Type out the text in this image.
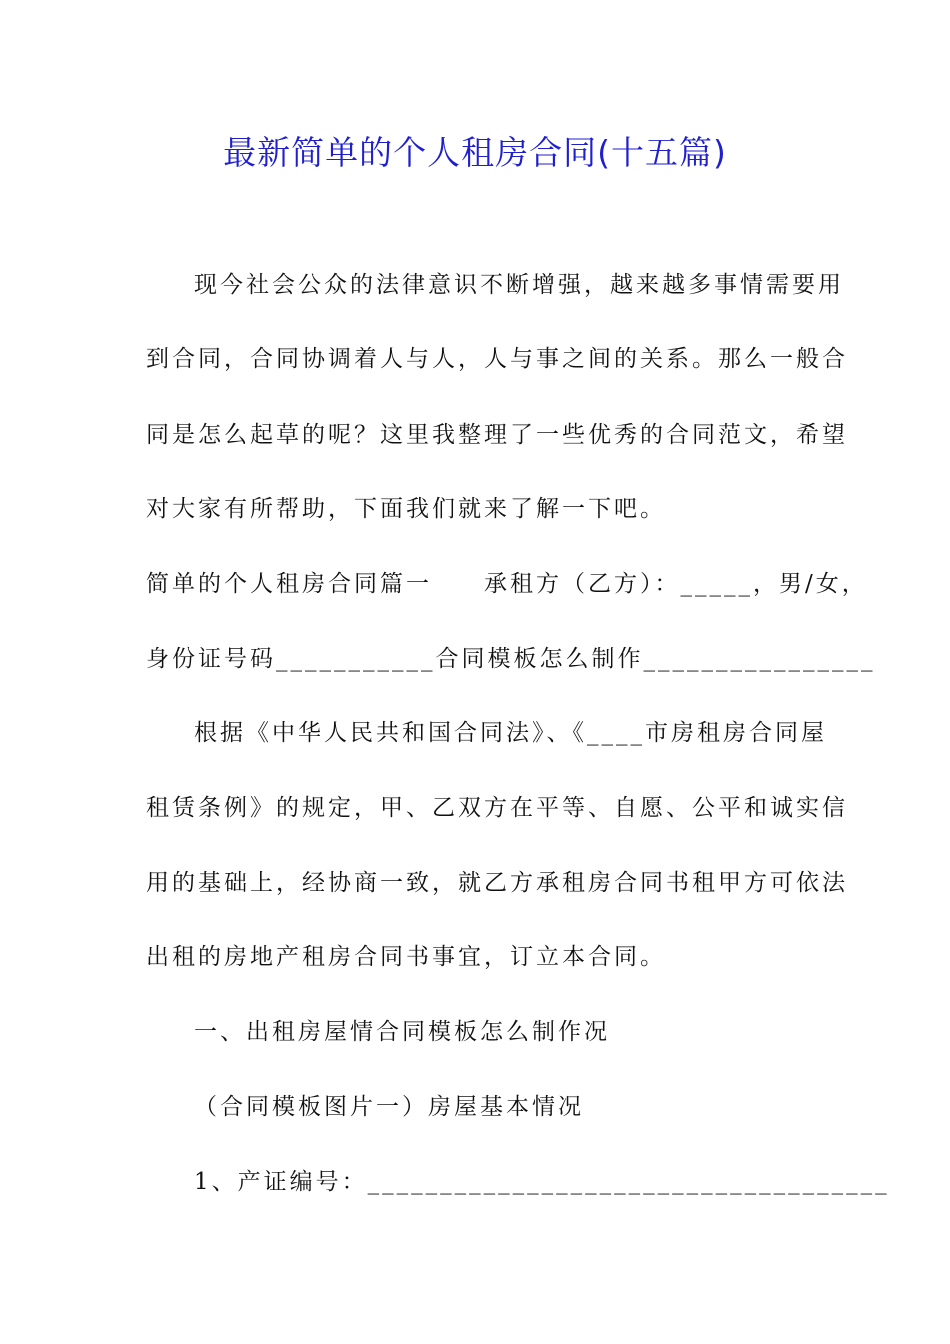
最新简单的个人租房合同(十五篇)
现今社会公众的法律意识不断增强，越来越多事情需要用
到合同，合同协调着人与人，人与事之间的关系。那么一般合
同是怎么起草的呢？这里我整理了一些优秀的合同范文，希望
对大家有所帮助，下面我们就来了解一下吧。
简单的个人租房合同篇一　　承租方（乙方）：_____，男/女，
身份证号码___________合同模板怎么制作________________
根据《中华人民共和国合同法》、《____市房租房合同屋
租赁条例》的规定，甲、乙双方在平等、自愿、公平和诚实信
用的基础上，经协商一致，就乙方承租房合同书租甲方可依法
出租的房地产租房合同书事宜，订立本合同。
一、出租房屋情合同模板怎么制作况
（合同模板图片一）房屋基本情况
1、产证编号：____________________________________
